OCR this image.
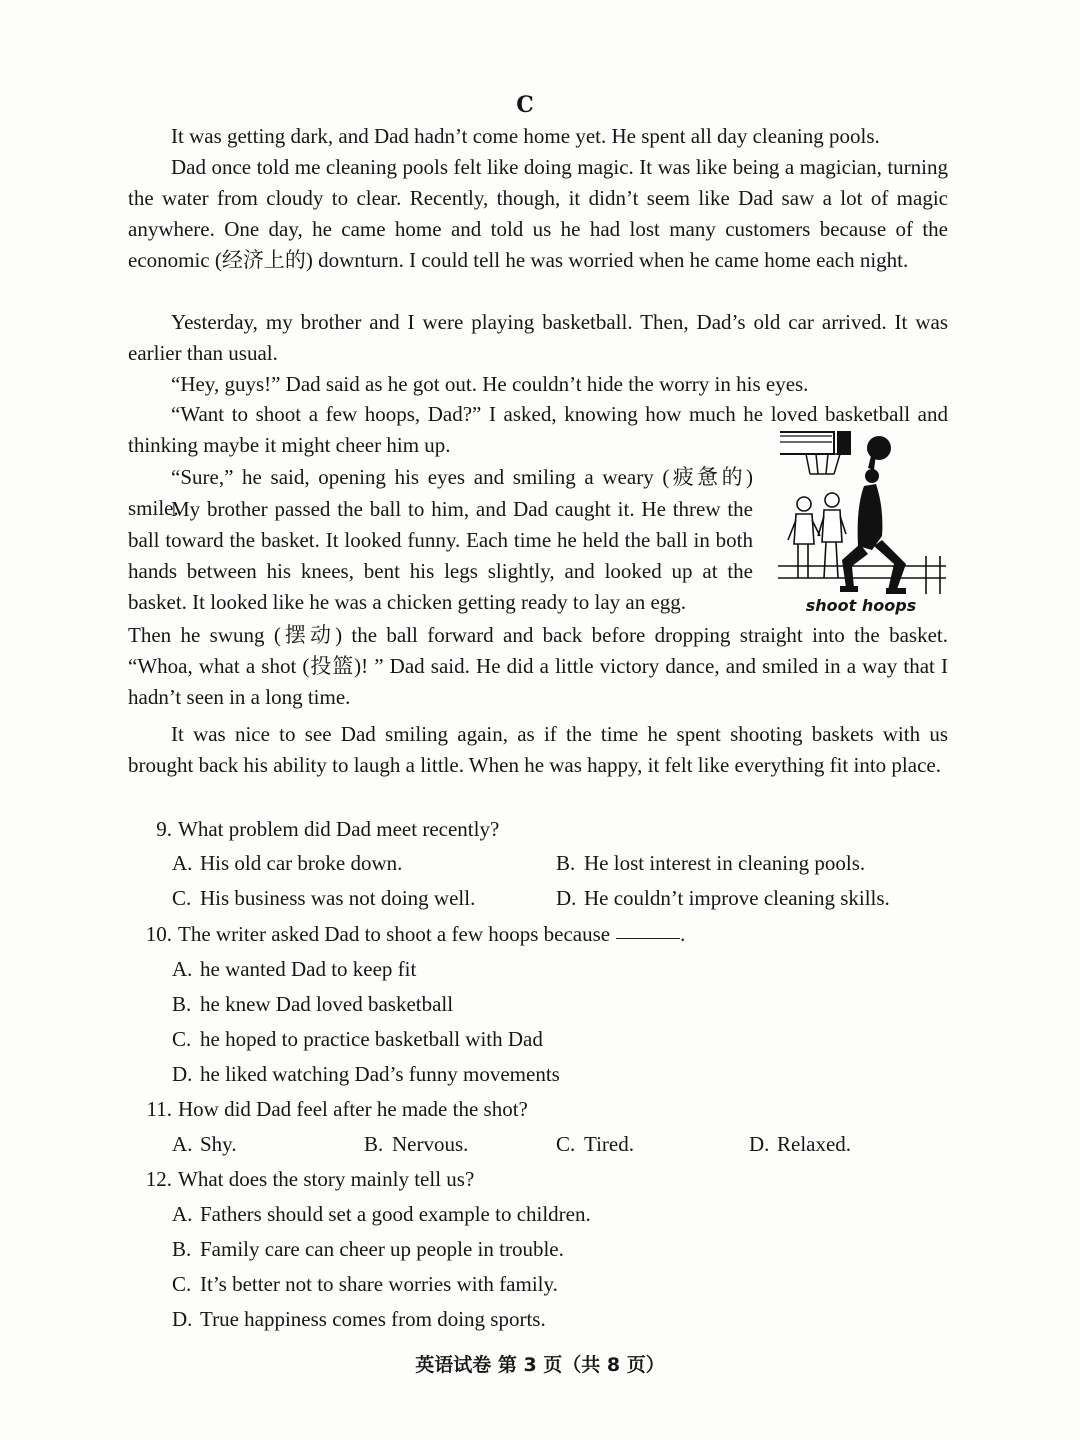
C

It was getting dark, and Dad hadn’t come home yet. He spent all day cleaning pools.

Dad once told me cleaning pools felt like doing magic. It was like being a magician, turning the water from cloudy to clear. Recently, though, it didn’t seem like Dad saw a lot of magic anywhere. One day, he came home and told us he had lost many customers because of the economic (经济上的) downturn. I could tell he was worried when he came home each night.

Yesterday, my brother and I were playing basketball. Then, Dad’s old car arrived. It was earlier than usual.

“Hey, guys!” Dad said as he got out. He couldn’t hide the worry in his eyes.

“Want to shoot a few hoops, Dad?” I asked, knowing how much he loved basketball and thinking maybe it might cheer him up.

“Sure,” he said, opening his eyes and smiling a weary (疲惫的) smile.

My brother passed the ball to him, and Dad caught it. He threw the ball toward the basket. It looked funny. Each time he held the ball in both hands between his knees, bent his legs slightly, and looked up at the basket. It looked like he was a chicken getting ready to lay an egg.

Then he swung (摆动) the ball forward and back before dropping straight into the basket. “Whoa, what a shot (投篮)! ” Dad said. He did a little victory dance, and smiled in a way that I hadn’t seen in a long time.

It was nice to see Dad smiling again, as if the time he spent shooting baskets with us brought back his ability to laugh a little. When he was happy, it felt like everything fit into place.

shoot hoops
9. What problem did Dad meet recently?
A. His old car broke down.	B. He lost interest in cleaning pools.
C. His business was not doing well.	D. He couldn’t improve cleaning skills.
10. The writer asked Dad to shoot a few hoops because	.
A. he wanted Dad to keep fit
B. he knew Dad loved basketball
C. he hoped to practice basketball with Dad
D. he liked watching Dad’s funny movements
11. How did Dad feel after he made the shot?
A. Shy.	B. Nervous.	C. Tired.	D. Relaxed.
12. What does the story mainly tell us?
A. Fathers should set a good example to children.
B. Family care can cheer up people in trouble.
C. It’s better not to share worries with family.
D. True happiness comes from doing sports.
英语试卷 第 3 页（共 8 页）
